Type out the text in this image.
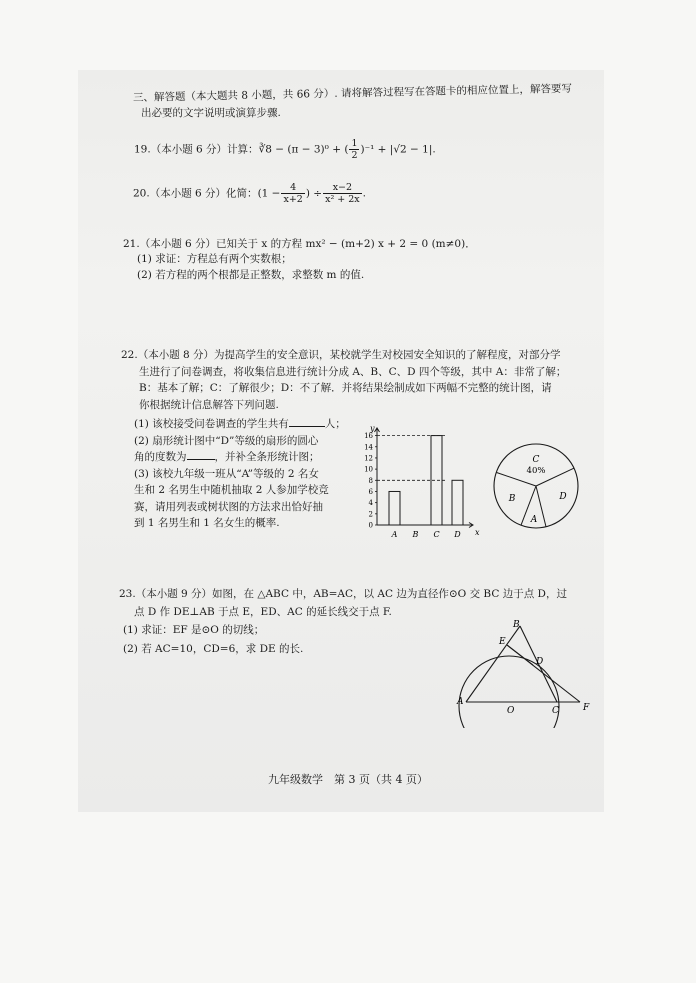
三、解答题（本大题共 8 小题，共 66 分）. 请将解答过程写在答题卡的相应位置上，解答要写
出必要的文字说明或演算步骤.
19.（本小题 6 分）计算：∛8 − (π − 3)⁰ + ( $\frac{1}{2} )^{-1} + |√2 - 1|$.
20.（本小题 6 分）化简：($1 - \frac{4}{x+2}$ ) ÷ $\frac{x-2}{\text{x² + 2x}}$ .
21.（本小题 6 分）已知关于 x 的方程 mx² − (m+2) x + 2 = 0 (m≠0)．
(1) 求证：方程总有两个实数根；
(2) 若方程的两个根都是正整数，求整数 m 的值.
22.（本小题 8 分）为提高学生的安全意识，某校就学生对校园安全知识的了解程度，对部分学
生进行了问卷调查，将收集信息进行统计分成 A、B、C、D 四个等级，其中 A：非常了解；
B：基本了解；C：了解很少；D：不了解．并将结果绘制成如下两幅不完整的统计图，请
你根据统计信息解答下列问题.
(1) 该校接受问卷调查的学生共有	人；
(2) 扇形统计图中“D”等级的扇形的圆心
角的度数为	，并补全条形统计图；
(3) 该校九年级一班从“A”等级的 2 名女
生和 2 名男生中随机抽取 2 人参加学校竞
赛，请用列表或树状图的方法求出恰好抽
到 1 名男生和 1 名女生的概率.
y
x
0
2
4
6
8
10
12
14
16
A B C D
C
40%
B
A
D
23.（本小题 9 分）如图，在 △ABC 中，AB=AC，以 AC 边为直径作⊙O 交 BC 边于点 D，过
点 D 作 DE⊥AB 于点 E，ED、AC 的延长线交于点 F.
(1) 求证：EF 是⊙O 的切线；
(2) 若 AC=10，CD=6，求 DE 的长.
B
E
D
A
O	C	F
九年级数学　第 3 页（共 4 页）
